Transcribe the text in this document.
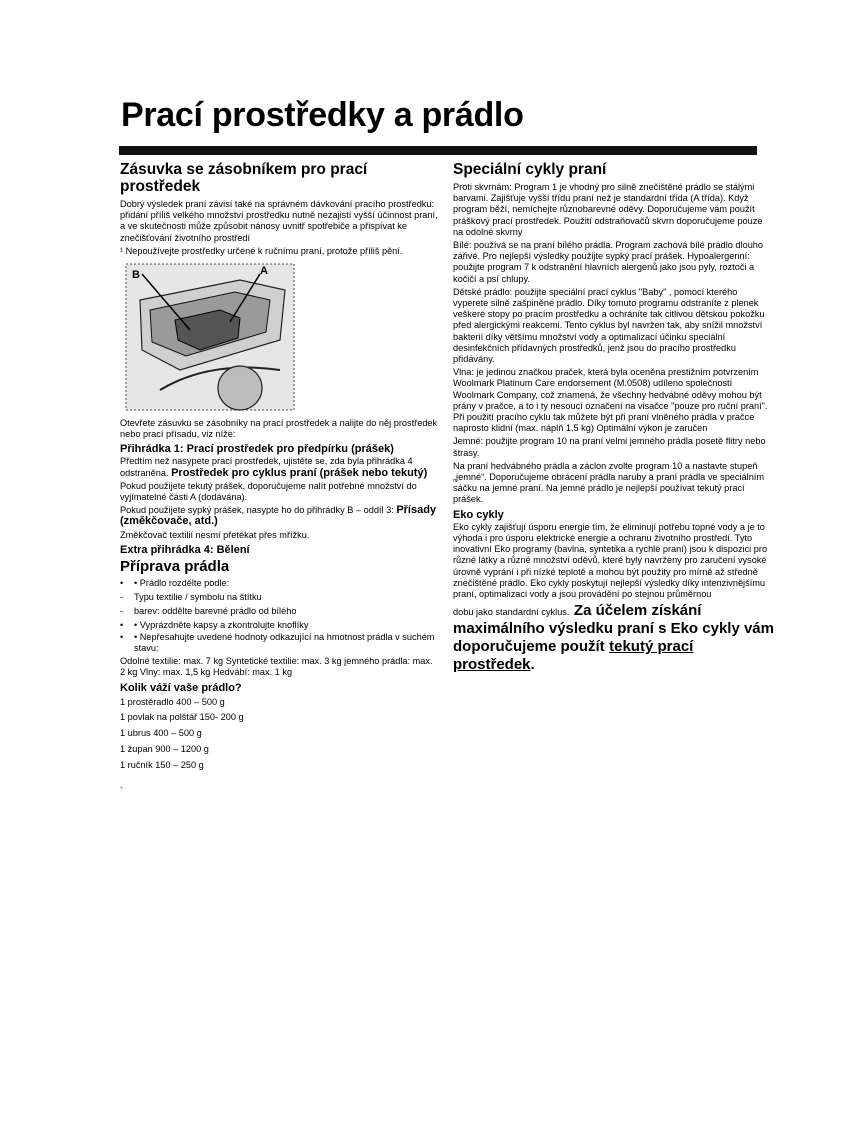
Prací prostředky a prádlo
Zásuvka se zásobníkem pro prací prostředek

Dobrý výsledek praní závisí také na správném dávkování pracího prostředku: přidání příliš velkého množství prostředku nutně nezajistí vyšší účinnost praní, a ve skutečnosti může způsobit nánosy uvnitř spotřebiče a přispívat ke znečišťování životního prostředí

¹ Nepoužívejte prostředky určené k ručnímu praní, protože příliš pění.

B	A

Otevřete zásuvku se zásobníky na prací prostředek a nalijte do něj prostředek nebo prací přísadu, viz níže:

Přihrádka 1: Prací prostředek pro předpírku (prášek)

Předtím než nasypete prací prostředek, ujistěte se, zda byla přihrádka 4 odstraněna. Prostředek pro cyklus praní (prášek nebo tekutý)

Pokud použijete tekutý prášek, doporučujeme nalít potřebné množství do vyjímatelné části A (dodávána).

Pokud použijete sypký prášek, nasypte ho do přihrádky B – oddíl 3: Přísady (změkčovače, atd.)

Změkčovač textilií nesmí přetékat přes mřížku.

Extra přihrádka 4: Bělení
Příprava prádla
•	• Prádlo rozdělte podle:
-	Typu textilie / symbolu na štítku
-	barev: oddělte barevné prádlo od bílého
•	• Vyprázdněte kapsy a zkontrolujte knoflíky
•	• Nepřesahujte uvedené hodnoty odkazující na hmotnost prádla v suchém stavu:

Odolné textilie: max. 7 kg Syntetické textilie: max. 3 kg jemného prádla: max. 2 kg Vlny: max. 1,5 kg Hedvábí: max. 1 kg

Kolik váží vaše prádlo?
1 prostěradlo 400 – 500 g
1 povlak na polštář 150- 200 g
1 ubrus 400 – 500 g
1 župan 900 – 1200 g
1 ručník 150 – 250 g
.
Speciální cykly praní

Proti skvrnám: Program 1 je vhodný pro silně znečištěné prádlo se stálými barvami. Zajišťuje vyšší třídu praní než je standardní třída (A třída). Když program běží, nemíchejte různobarevné oděvy. Doporučujeme vám použít práškový prací prostředek. Použití odstraňovačů skvrn doporučujeme pouze na odolné skvrny

Bílé: používá se na praní bílého prádla. Program zachová bílé prádlo dlouho zářivé. Pro nejlepší výsledky použijte sypký prací prášek. Hypoalergenní: použijte program 7 k odstranění hlavních alergenů jako jsou pyly, roztoči a kočičí a psí chlupy.

Dětské prádlo: použijte speciální prací cyklus "Baby" , pomocí kterého vyperete silně zašpiněné prádlo. Díky tomuto programu odstraníte z plenek veškeré stopy po pracím prostředku a ochráníte tak citlivou dětskou pokožku před alergickými reakcemi. Tento cyklus byl navržen tak, aby snížil množství bakterií díky většímu množství vody a optimalizací účinku speciální desinfekčních přídavných prostředků, jenž jsou do pracího prostředku přidávány.

Vlna: je jedinou značkou praček, která byla oceněna prestižním potvrzením Woolmark Platinum Care endorsement (M.0508) udíleno společností Woolmark Company, což znamená, že všechny hedvábné oděvy mohou být prány v pračce, a to i ty nesoucí označení na visačce "pouze pro ruční praní". Při použití pracího cyklu tak můžete být při praní vlněného prádla v pračce naprosto klidní (max. náplň 1,5 kg) Optimální výkon je zaručen

Jemné: použijte program 10 na praní velmi jemného prádla posetě flitry nebo štrasy.

Na praní hedvábného prádla a záclon zvolte program 10 a nastavte stupeň „jemné“. Doporučujeme obrácení prádla naruby a praní prádla ve speciálním sáčku na jemné praní. Na jemné prádlo je nejlepší používat tekutý prací prášek.

Eko cykly

Eko cykly zajišťují úsporu energie tím, že eliminují potřebu topné vody a je to výhoda i pro úsporu elektrické energie a ochranu životního prostředí. Tyto inovativní Eko programy (bavlna, syntetika a rychlé praní) jsou k dispozici pro různé látky a různé množství oděvů, které byly navrženy pro zaručení vysoké úrovně vyprání i při nízké teplotě a mohou být použity pro mírně až středně znečištěné prádlo. Eko cykly poskytují nejlepší výsledky díky intenzivnějšímu praní, optimalizaci vody a jsou provádění po stejnou průměrnou

dobu jako standardní cyklus. Za účelem získání maximálního výsledku praní s Eko cykly vám doporučujeme použít tekutý prací prostředek.
